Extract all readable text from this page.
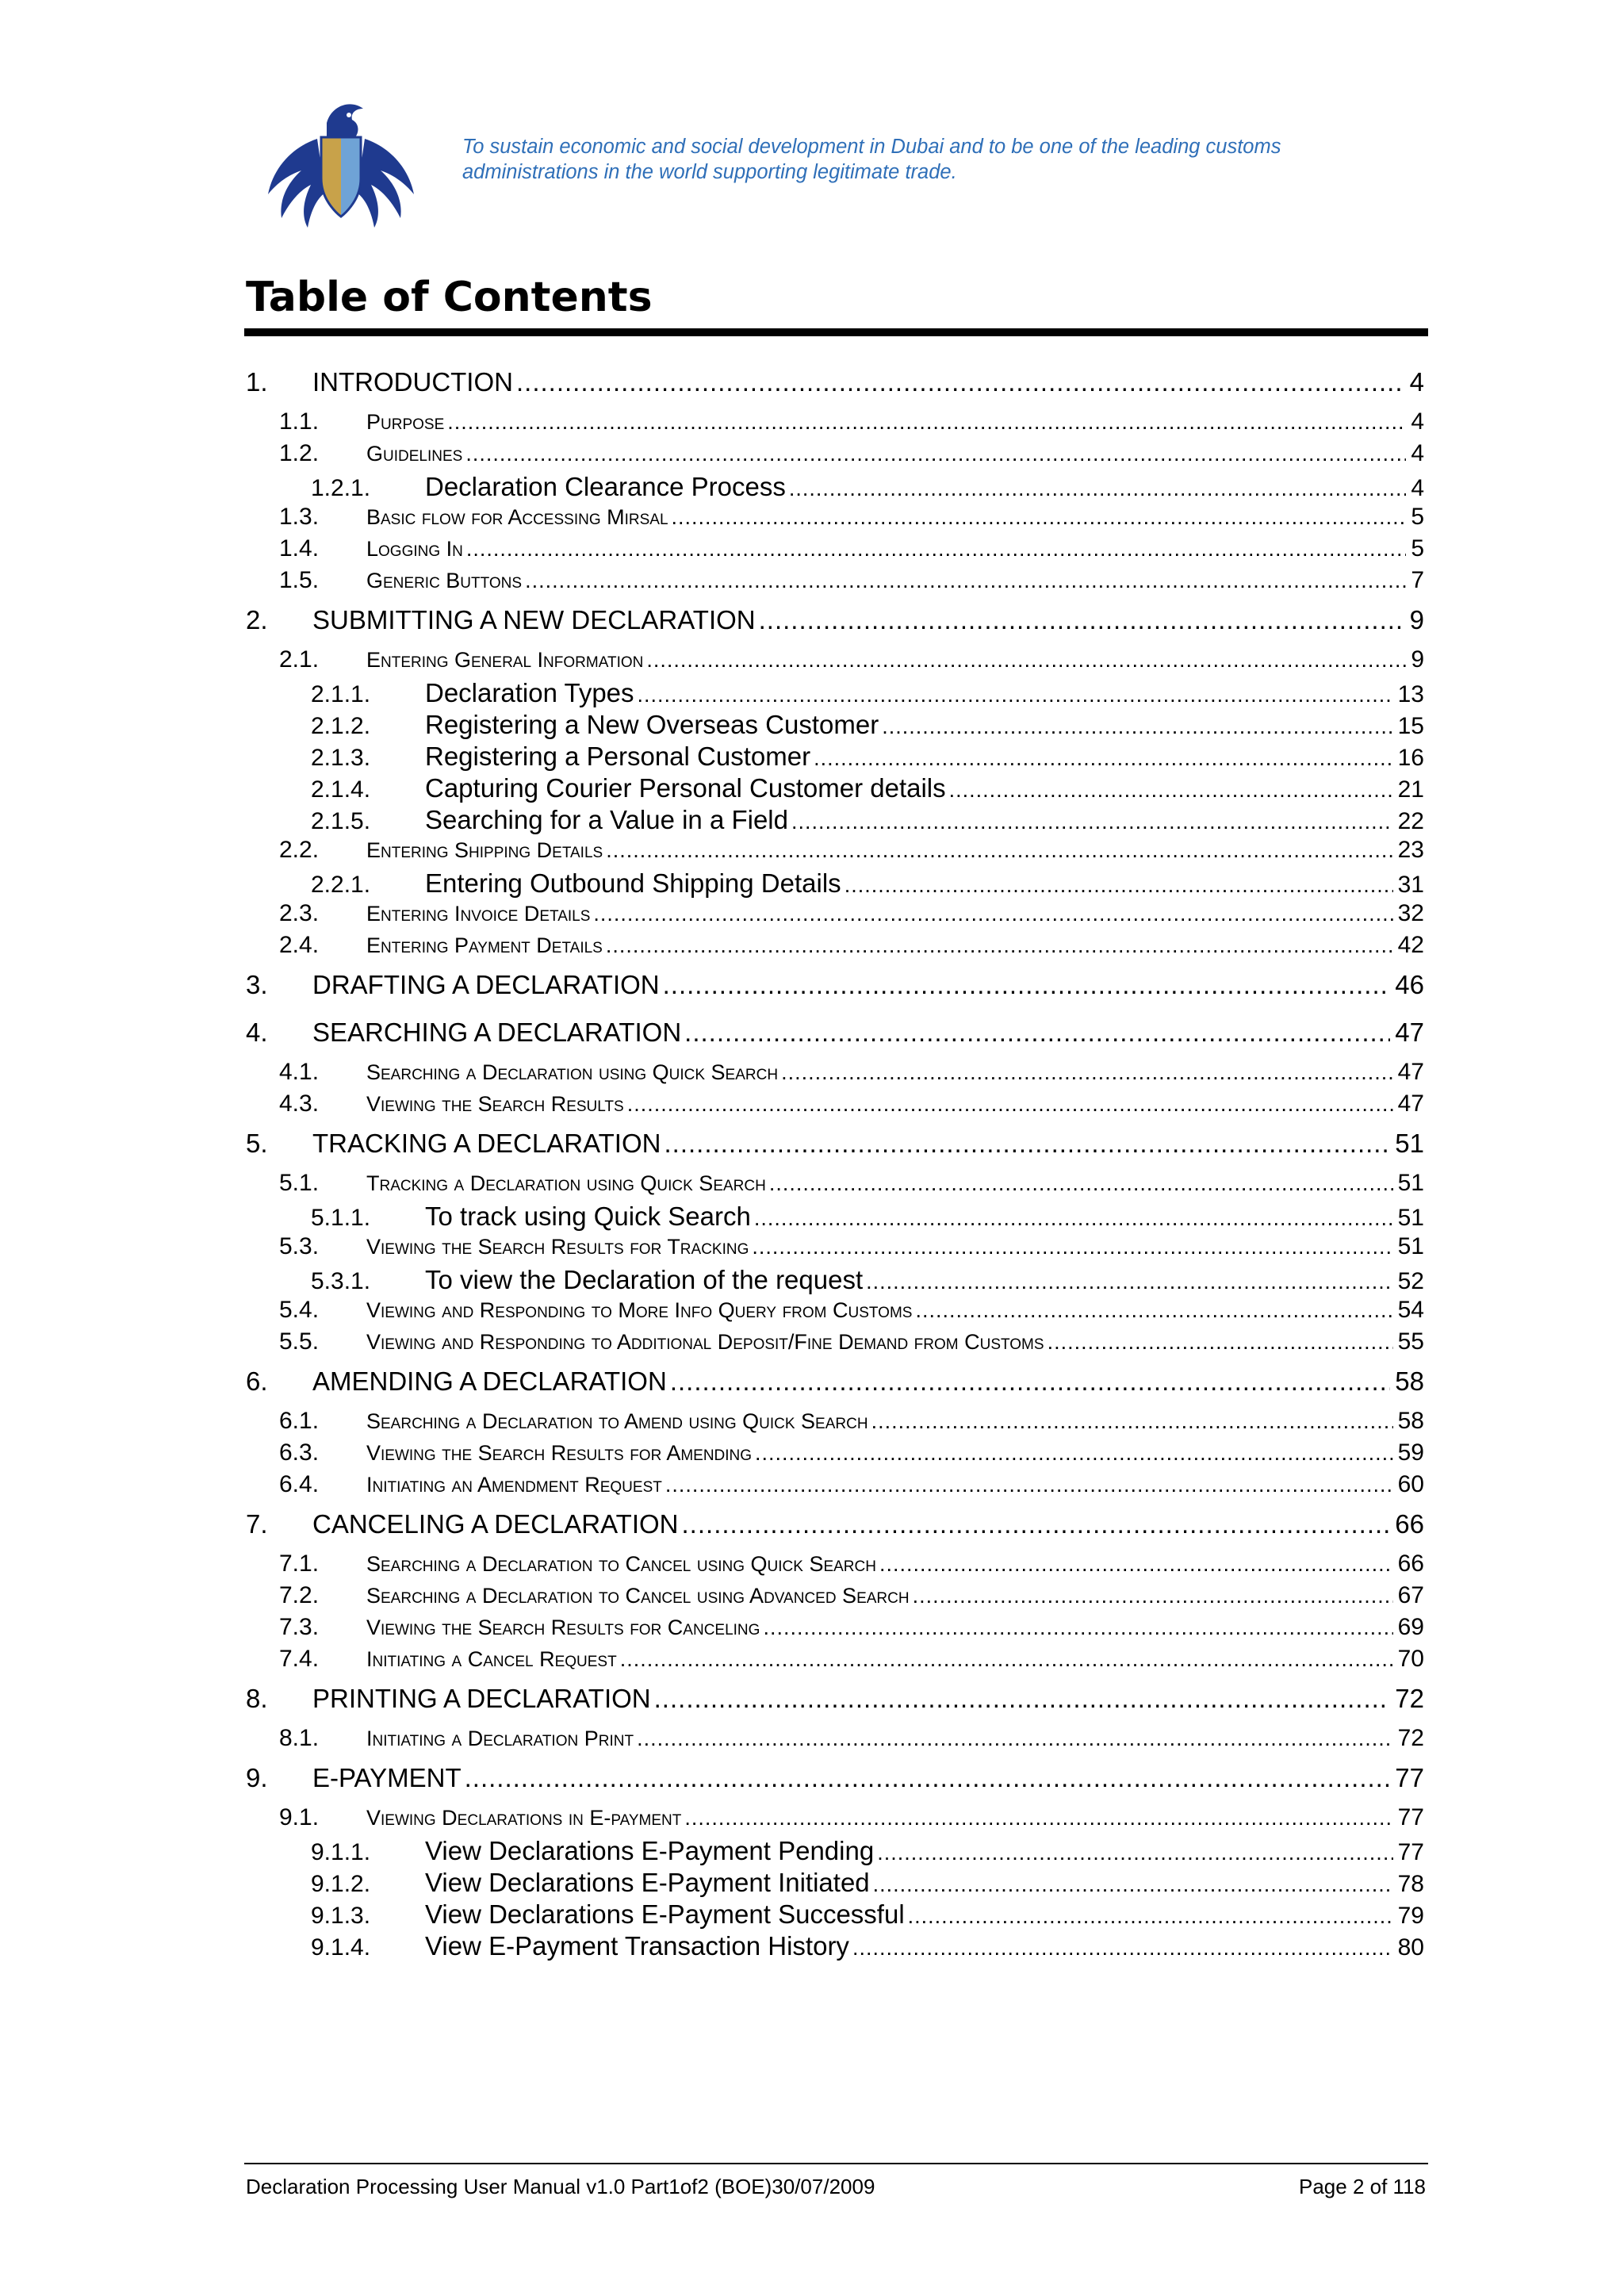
To sustain economic and social development in Dubai and to be one of the leading customs
administrations in the world supporting legitimate trade.
Table of Contents
1.	INTRODUCTION .....	4
1.1.	Purpose .....	4
1.2.	Guidelines .....	4
1.2.1.	Declaration Clearance Process .....	4
1.3.	Basic flow for Accessing Mirsal .....	5
1.4.	Logging In .....	5
1.5.	Generic Buttons .....	7
2.	SUBMITTING A NEW DECLARATION .....	9
2.1.	Entering General Information .....	9
2.1.1.	Declaration Types .....	13
2.1.2.	Registering a New Overseas Customer .....	15
2.1.3.	Registering a Personal Customer .....	16
2.1.4.	Capturing Courier Personal Customer details .....	21
2.1.5.	Searching for a Value in a Field .....	22
2.2.	Entering Shipping Details .....	23
2.2.1.	Entering Outbound Shipping Details .....	31
2.3.	Entering Invoice Details .....	32
2.4.	Entering Payment Details .....	42
3.	DRAFTING A DECLARATION .....	46
4.	SEARCHING A DECLARATION .....	47
4.1.	Searching a Declaration using Quick Search .....	47
4.3.	Viewing the Search Results .....	47
5.	TRACKING A DECLARATION .....	51
5.1.	Tracking a Declaration using Quick Search .....	51
5.1.1.	To track using Quick Search .....	51
5.3.	Viewing the Search Results for Tracking .....	51
5.3.1.	To view the Declaration of the request .....	52
5.4.	Viewing and Responding to More Info Query from Customs .....	54
5.5.	Viewing and Responding to Additional Deposit/Fine Demand from Customs .....	55
6.	AMENDING A DECLARATION .....	58
6.1.	Searching a Declaration to Amend using Quick Search .....	58
6.3.	Viewing the Search Results for Amending .....	59
6.4.	Initiating an Amendment Request .....	60
7.	CANCELING A DECLARATION .....	66
7.1.	Searching a Declaration to Cancel using Quick Search .....	66
7.2.	Searching a Declaration to Cancel using Advanced Search .....	67
7.3.	Viewing the Search Results for Canceling .....	69
7.4.	Initiating a Cancel Request .....	70
8.	PRINTING A DECLARATION .....	72
8.1.	Initiating a Declaration Print .....	72
9.	E-PAYMENT .....	77
9.1.	Viewing Declarations in E-payment .....	77
9.1.1.	View Declarations E-Payment Pending .....	77
9.1.2.	View Declarations E-Payment Initiated .....	78
9.1.3.	View Declarations E-Payment Successful .....	79
9.1.4.	View E-Payment Transaction History .....	80
Declaration Processing User Manual v1.0 Part1of2 (BOE)30/07/2009	Page 2 of 118
